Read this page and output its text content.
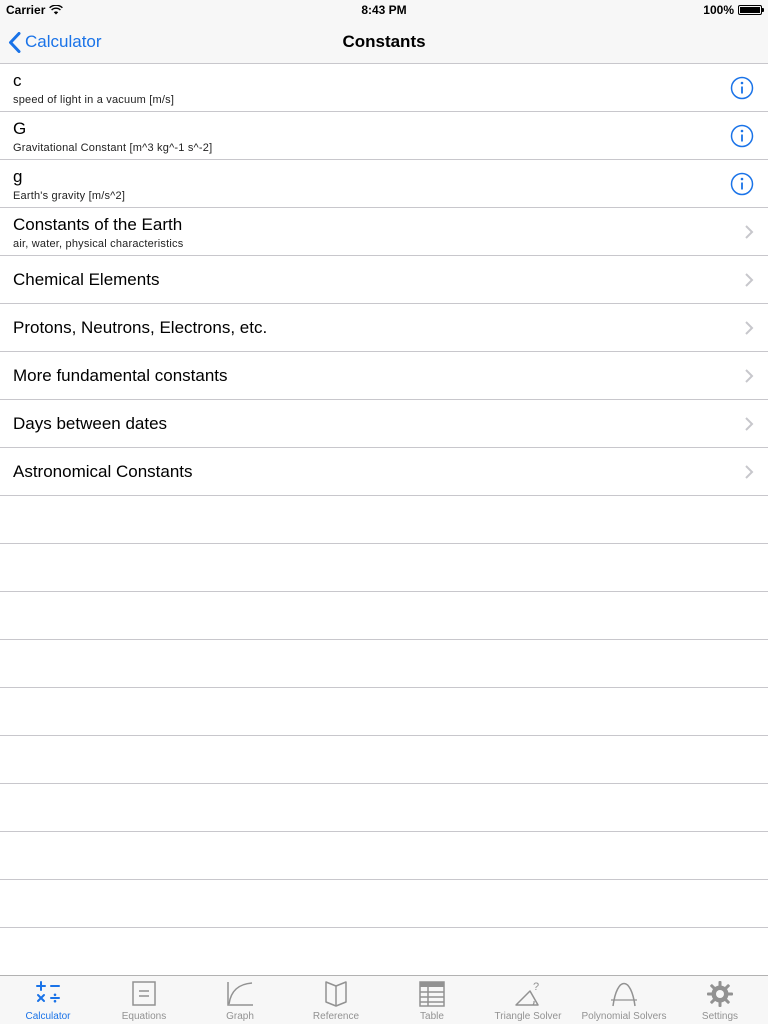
Carrier	8:43 PM	100%
Calculator	Constants
c
speed of light in a vacuum [m/s]
G
Gravitational Constant [m^3 kg^-1 s^-2]
g
Earth's gravity [m/s^2]
Constants of the Earth
air, water, physical characteristics
Chemical Elements
Protons, Neutrons, Electrons, etc.
More fundamental constants
Days between dates
Astronomical Constants
Calculator	Equations	Graph	Reference	Table
?
Triangle Solver	Polynomial Solvers	Settings
